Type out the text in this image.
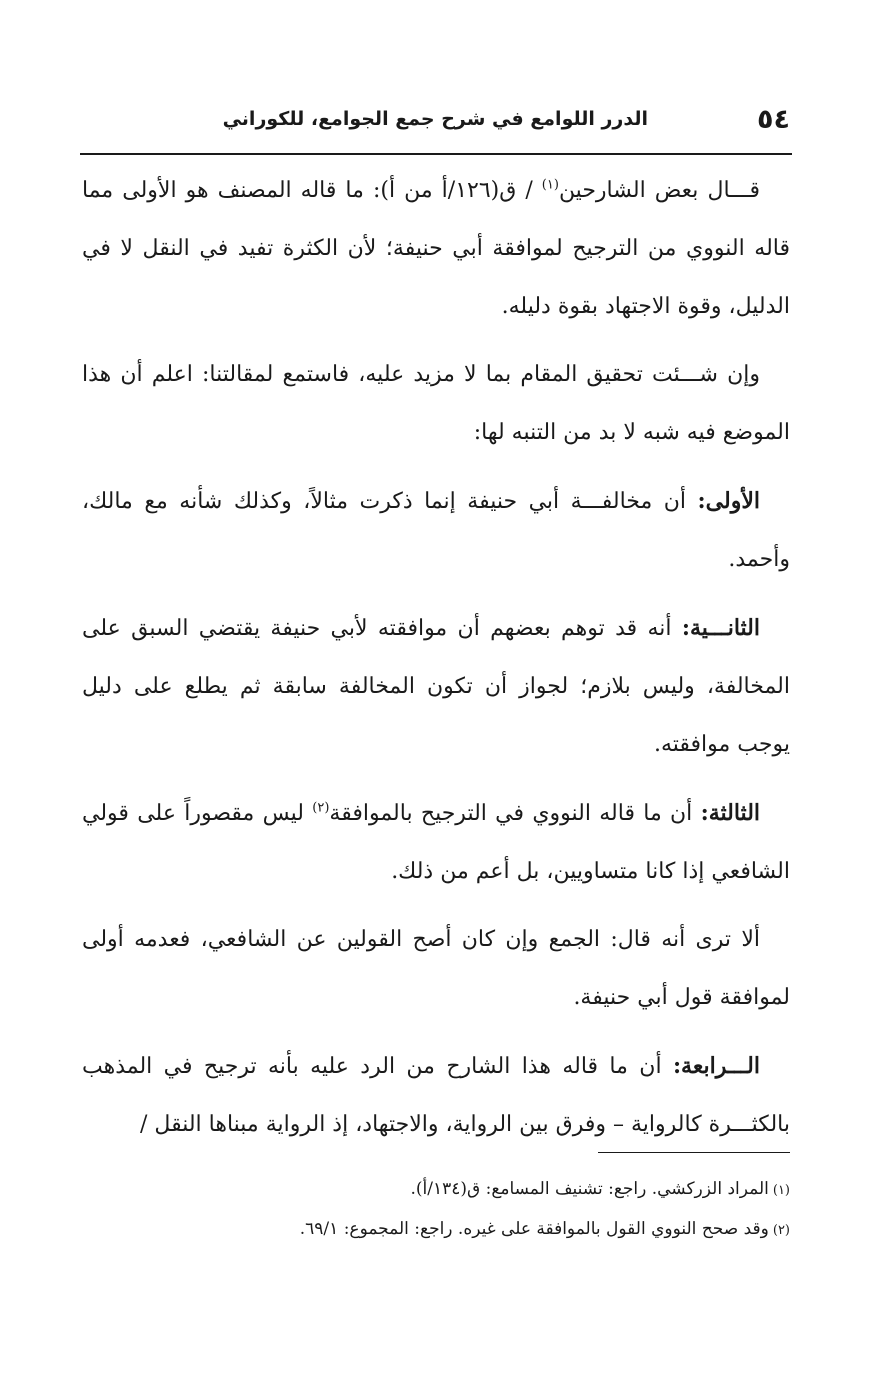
٥٤
الدرر اللوامع في شرح جمع الجوامع، للكوراني

قـــال بعض الشارحين$^{(١)}$ / ق(١٢٦/أ من أ): ما قاله المصنف هو الأولى مما قاله النووي من الترجيح لموافقة أبي حنيفة؛ لأن الكثرة تفيد في النقل لا في الدليل، وقوة الاجتهاد بقوة دليله.

وإن شـــئت تحقيق المقام بما لا مزيد عليه، فاستمع لمقالتنا: اعلم أن هذا الموضع فيه شبه لا بد من التنبه لها:

الأولى: أن مخالفـــة أبي حنيفة إنما ذكرت مثالاً، وكذلك شأنه مع مالك، وأحمد.

الثانـــية: أنه قد توهم بعضهم أن موافقته لأبي حنيفة يقتضي السبق على المخالفة، وليس بلازم؛ لجواز أن تكون المخالفة سابقة ثم يطلع على دليل يوجب موافقته.

الثالثة: أن ما قاله النووي في الترجيح بالموافقة$^{(٢)}$ ليس مقصوراً على قولي الشافعي إذا كانا متساويين، بل أعم من ذلك.

ألا ترى أنه قال: الجمع وإن كان أصح القولين عن الشافعي، فعدمه أولى لموافقة قول أبي حنيفة.

الـــرابعة: أن ما قاله هذا الشارح من الرد عليه بأنه ترجيح في المذهب بالكثـــرة كالرواية – وفرق بين الرواية، والاجتهاد، إذ الرواية مبناها النقل /

(١)المراد الزركشي. راجع: تشنيف المسامع: ق(١٣٤/أ).

(٢)وقد صحح النووي القول بالموافقة على غيره. راجع: المجموع: ٦٩/١.
